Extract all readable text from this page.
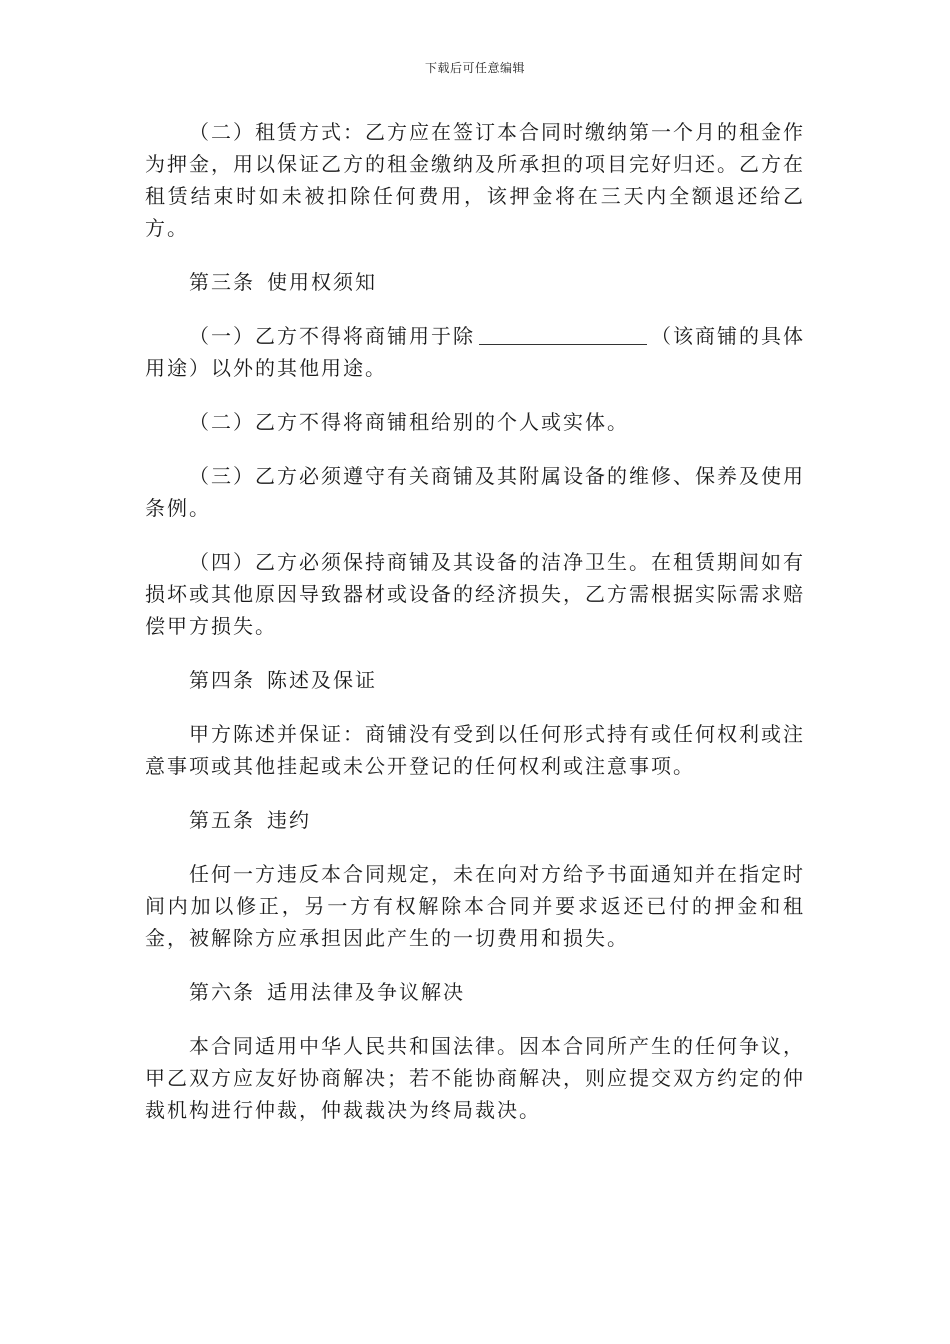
下载后可任意编辑

（二）租赁方式：乙方应在签订本合同时缴纳第一个月的租金作为押金，用以保证乙方的租金缴纳及所承担的项目完好归还。乙方在租赁结束时如未被扣除任何费用，该押金将在三天内全额退还给乙方。

第三条 使用权须知

（一）乙方不得将商铺用于除	（该商铺的具体用途）以外的其他用途。

（二）乙方不得将商铺租给别的个人或实体。

（三）乙方必须遵守有关商铺及其附属设备的维修、保养及使用条例。

（四）乙方必须保持商铺及其设备的洁净卫生。在租赁期间如有损坏或其他原因导致器材或设备的经济损失，乙方需根据实际需求赔偿甲方损失。

第四条 陈述及保证

甲方陈述并保证：商铺没有受到以任何形式持有或任何权利或注意事项或其他挂起或未公开登记的任何权利或注意事项。

第五条 违约

任何一方违反本合同规定，未在向对方给予书面通知并在指定时间内加以修正，另一方有权解除本合同并要求返还已付的押金和租金，被解除方应承担因此产生的一切费用和损失。

第六条 适用法律及争议解决

本合同适用中华人民共和国法律。因本合同所产生的任何争议，甲乙双方应友好协商解决；若不能协商解决，则应提交双方约定的仲裁机构进行仲裁，仲裁裁决为终局裁决。
